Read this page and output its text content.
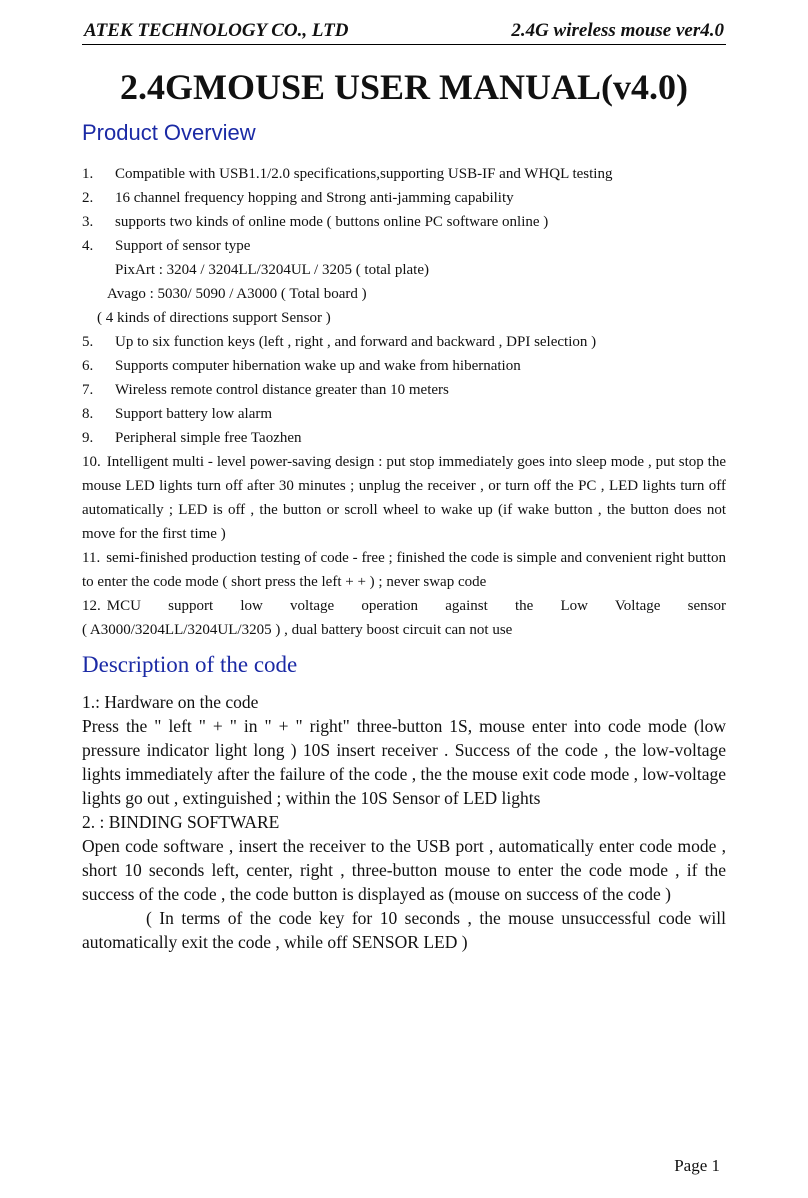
ATEK TECHNOLOGY CO., LTD	2.4G wireless mouse ver4.0
2.4GMOUSE USER MANUAL(v4.0)
Product Overview
1. Compatible with USB1.1/2.0 specifications,supporting USB-IF and WHQL testing
2. 16 channel frequency hopping and Strong anti-jamming capability
3. supports two kinds of online mode ( buttons online PC software online )
4. Support of sensor type
PixArt : 3204 / 3204LL/3204UL / 3205 ( total plate)
Avago : 5030/ 5090 / A3000 ( Total board )
( 4 kinds of directions support Sensor )
5. Up to six function keys (left , right , and forward and backward , DPI selection )
6. Supports computer hibernation wake up and wake from hibernation
7. Wireless remote control distance greater than 10 meters
8. Support battery low alarm
9. Peripheral simple free Taozhen
10. Intelligent multi - level power-saving design : put stop immediately goes into sleep mode , put stop the mouse LED lights turn off after 30 minutes ; unplug the receiver , or turn off the PC , LED lights turn off automatically ; LED is off , the button or scroll wheel to wake up (if wake button , the button does not move for the first time )
11. semi-finished production testing of code - free ; finished the code is simple and convenient right button to enter the code mode ( short press the left + + ) ; never swap code
12. MCU support low voltage operation against the Low Voltage sensor
( A3000/3204LL/3204UL/3205 ) , dual battery boost circuit can not use
Description of the code
1.: Hardware on the code
Press the " left " + " in " + " right" three-button 1S, mouse enter into code mode (low pressure indicator light long ) 10S insert receiver . Success of the code , the low-voltage lights immediately after the failure of the code , the the mouse exit code mode , low-voltage lights go out , extinguished ; within the 10S Sensor of LED lights
2. : BINDING SOFTWARE
Open code software , insert the receiver to the USB port , automatically enter code mode , short 10 seconds left, center, right , three-button mouse to enter the code mode , if the success of the code , the code button is displayed as (mouse on success of the code )
( In terms of the code key for 10 seconds , the mouse unsuccessful code will automatically exit the code , while off SENSOR LED )
Page 1
